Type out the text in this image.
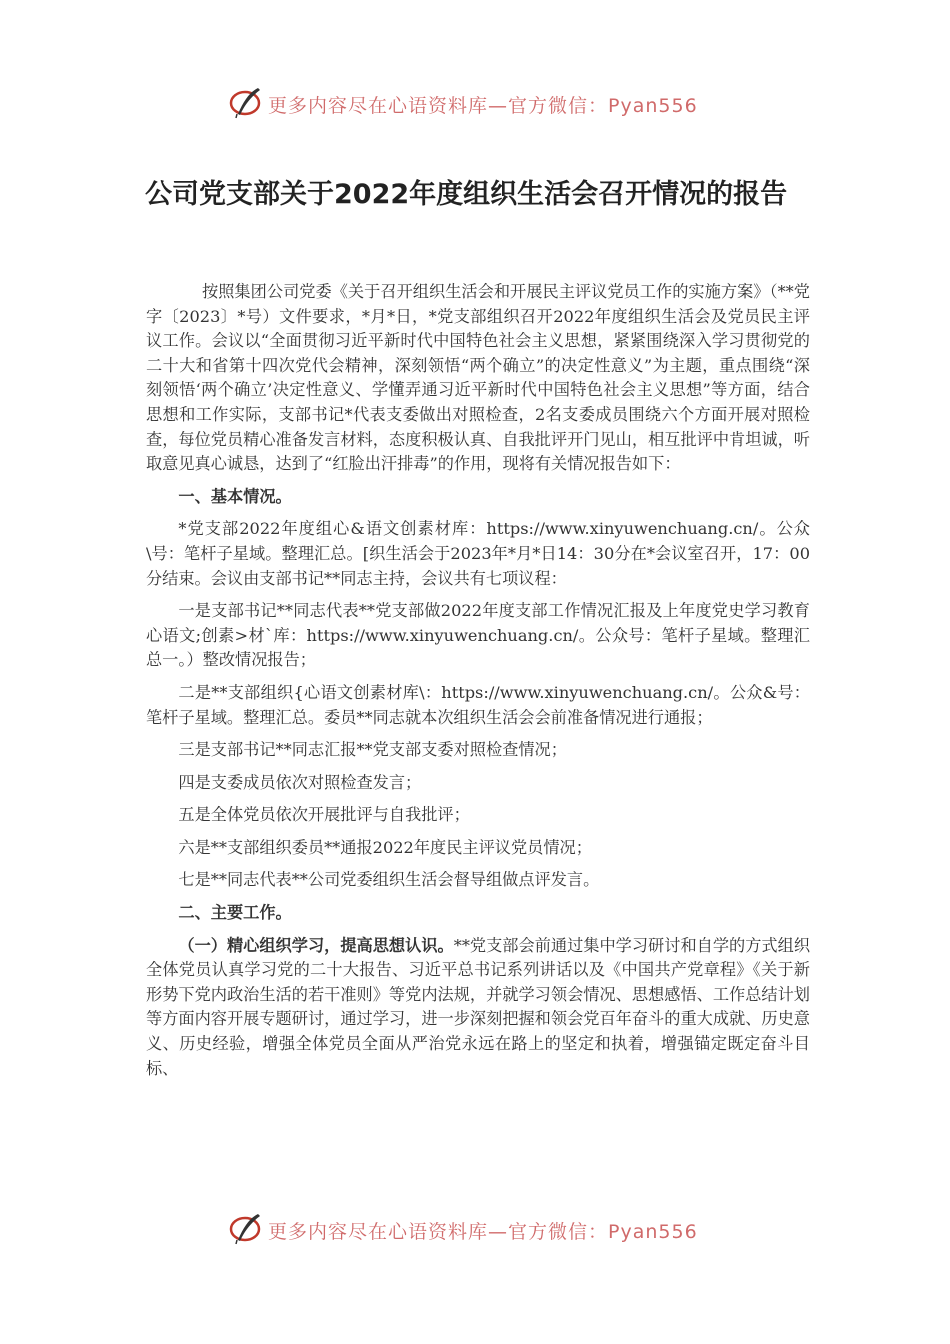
更多内容尽在心语资料库—官方微信：Pyan556
公司党支部关于2022年度组织生活会召开情况的报告

按照集团公司党委《关于召开组织生活会和开展民主评议党员工作的实施方案》（**党字〔2023〕*号）文件要求，*月*日，*党支部组织召开2022年度组织生活会及党员民主评议工作。会议以“全面贯彻习近平新时代中国特色社会主义思想，紧紧围绕深入学习贯彻党的二十大和省第十四次党代会精神，深刻领悟“两个确立”的决定性意义”为主题，重点围绕“深刻领悟‘两个确立’决定性意义、学懂弄通习近平新时代中国特色社会主义思想”等方面，结合思想和工作实际，支部书记*代表支委做出对照检查，2名支委成员围绕六个方面开展对照检查，每位党员精心准备发言材料，态度积极认真、自我批评开门见山，相互批评中肯坦诚，听取意见真心诚恳，达到了“红脸出汗排毒”的作用，现将有关情况报告如下：

一、基本情况。

*党支部2022年度组心&语文创素材库：https://www.xinyuwenchuang.cn/。公众\号：笔杆子星域。整理汇总。[织生活会于2023年*月*日14：30分在*会议室召开，17：00分结束。会议由支部书记**同志主持，会议共有七项议程：

一是支部书记**同志代表**党支部做2022年度支部工作情况汇报及上年度党史学习教育心语文;创素>材`库：https://www.xinyuwenchuang.cn/。公众号：笔杆子星域。整理汇总一。）整改情况报告；

二是**支部组织{心语文创素材库\：https://www.xinyuwenchuang.cn/。公众&号：笔杆子星域。整理汇总。委员**同志就本次组织生活会会前准备情况进行通报；

三是支部书记**同志汇报**党支部支委对照检查情况；

四是支委成员依次对照检查发言；

五是全体党员依次开展批评与自我批评；

六是**支部组织委员**通报2022年度民主评议党员情况；

七是**同志代表**公司党委组织生活会督导组做点评发言。

二、主要工作。

（一）精心组织学习，提高思想认识。**党支部会前通过集中学习研讨和自学的方式组织全体党员认真学习党的二十大报告、习近平总书记系列讲话以及《中国共产党章程》《关于新形势下党内政治生活的若干准则》等党内法规，并就学习领会情况、思想感悟、工作总结计划等方面内容开展专题研讨，通过学习，进一步深刻把握和领会党百年奋斗的重大成就、历史意义、历史经验，增强全体党员全面从严治党永远在路上的坚定和执着，增强锚定既定奋斗目标、

更多内容尽在心语资料库—官方微信：Pyan556
